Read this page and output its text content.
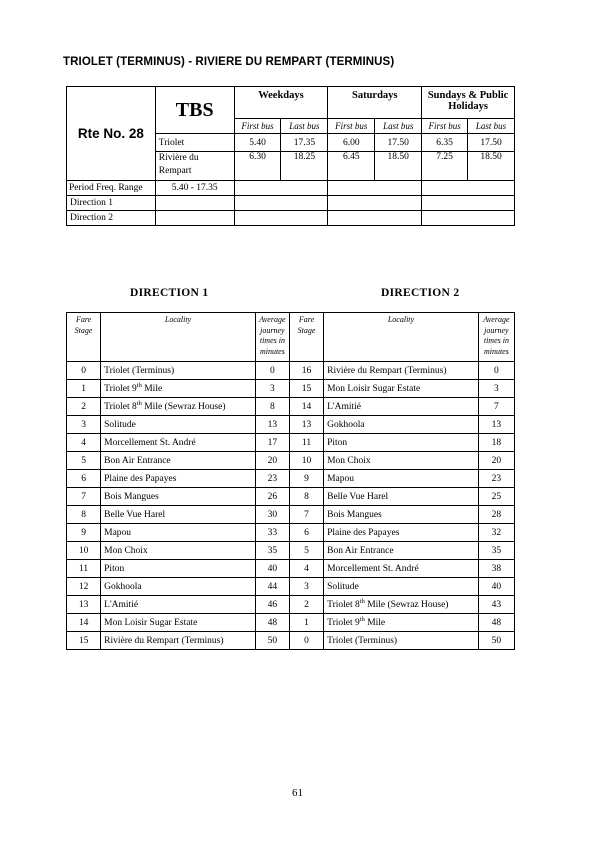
TRIOLET (TERMINUS) - RIVIERE DU REMPART (TERMINUS)
Rte No. 28	TBS	Weekdays		Saturdays		Sundays & Public Holidays	
		First bus	Last bus	First bus	Last bus	First bus	Last bus
	Triolet	5.40	17.35	6.00	17.50	6.35	17.50
	Rivière du Rempart	6.30	18.25	6.45	18.50	7.25	18.50
Period Freq. Range	5.40 - 17.35						
Direction 1							
Direction 2							
DIRECTION 1	DIRECTION 2
Fare Stage	Locality	Average journey times in minutes	Fare Stage	Locality	Average journey times in minutes
0	Triolet (Terminus)	0	16	Rivière du Rempart (Terminus)	0
1	Triolet 9th Mile	3	15	Mon Loisir Sugar Estate	3
2	Triolet 8th Mile (Sewraz House)	8	14	L'Amitié	7
3	Solitude	13	13	Gokhoola	13
4	Morcellement St. André	17	11	Piton	18
5	Bon Air Entrance	20	10	Mon Choix	20
6	Plaine des Papayes	23	9	Mapou	23
7	Bois Mangues	26	8	Belle Vue Harel	25
8	Belle Vue Harel	30	7	Bois Mangues	28
9	Mapou	33	6	Plaine des Papayes	32
10	Mon Choix	35	5	Bon Air Entrance	35
11	Piton	40	4	Morcellement St. André	38
12	Gokhoola	44	3	Solitude	40
13	L'Amitié	46	2	Triolet 8th Mile (Sewraz House)	43
14	Mon Loisir Sugar Estate	48	1	Triolet 9th Mile	48
15	Rivière du Rempart (Terminus)	50	0	Triolet (Terminus)	50
61
